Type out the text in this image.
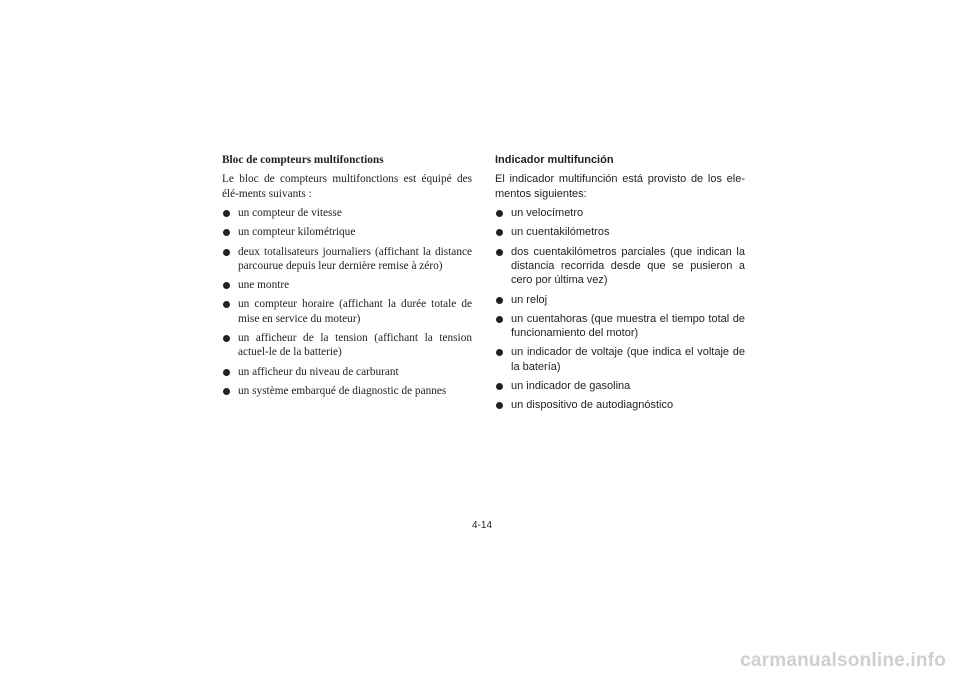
Bloc de compteurs multifonctions
Le bloc de compteurs multifonctions est équipé des élé-ments suivants :
un compteur de vitesse
un compteur kilométrique
deux totalisateurs journaliers (affichant la distance parcourue depuis leur dernière remise à zéro)
une montre
un compteur horaire (affichant la durée totale de mise en service du moteur)
un afficheur de la tension (affichant la tension actuel-le de la batterie)
un afficheur du niveau de carburant
un système embarqué de diagnostic de pannes
Indicador multifunción
El indicador multifunción está provisto de los ele-mentos siguientes:
un velocímetro
un cuentakilómetros
dos cuentakilómetros parciales (que indican la distancia recorrida desde que se pusieron a cero por última vez)
un reloj
un cuentahoras (que muestra el tiempo total de funcionamiento del motor)
un indicador de voltaje (que indica el voltaje de la batería)
un indicador de gasolina
un dispositivo de autodiagnóstico
4-14
carmanualsonline.info
